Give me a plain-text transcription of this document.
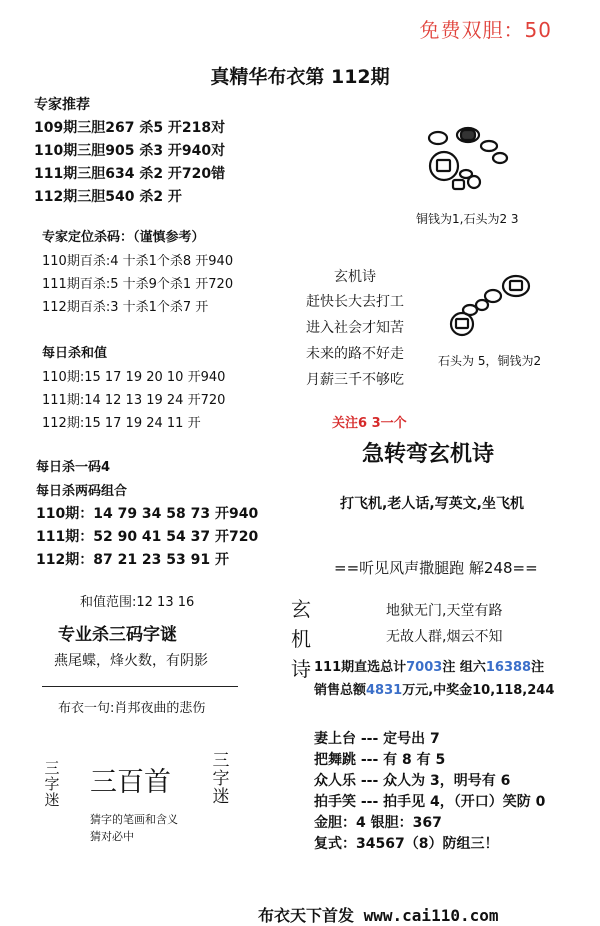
免费双胆：50
真精华布衣第 112期
专家推荐
109期三胆267 杀5 开218对
110期三胆905 杀3 开940对
111期三胆634 杀2 开720错
112期三胆540 杀2 开
专家定位杀码：（谨慎参考）
110期百杀:4 十杀1个杀8 开940
111期百杀:5 十杀9个杀1 开720
112期百杀:3 十杀1个杀7 开
每日杀和值
110期:15 17 19 20 10 开940
111期:14 12 13 19 24 开720
112期:15 17 19 24 11 开
每日杀一码4
每日杀两码组合
110期：14 79 34 58 73 开940
111期：52 90 41 54 37 开720
112期：87 21 23 53 91 开
和值范围:12 13 16
专业杀三码字谜
燕尾蝶，烽火数，有阴影
布衣一句:肖邦夜曲的悲伤
三字迷
三百首
三字迷
猜字的笔画和含义
猜对必中
铜钱为1,石头为2 3
石头为 5，铜钱为2
玄机诗
赶快长大去打工
进入社会才知苦
未来的路不好走
月薪三千不够吃
关注6 3一个
急转弯玄机诗
打飞机,老人话,写英文,坐飞机
==听见风声撒腿跑 解248==
玄机诗
地狱无门,天堂有路
无故人群,烟云不知
111期直选总计7003注 组六16388注
销售总额4831万元,中奖金10,118,244
妻上台 --- 定号出 7
把舞跳 --- 有 8 有 5
众人乐 --- 众人为 3，明号有 6
拍手笑 --- 拍手见 4，（开口）笑防 0
金胆：4 银胆：367
复式：34567（8）防组三！
布衣天下首发 www.cai110.com
